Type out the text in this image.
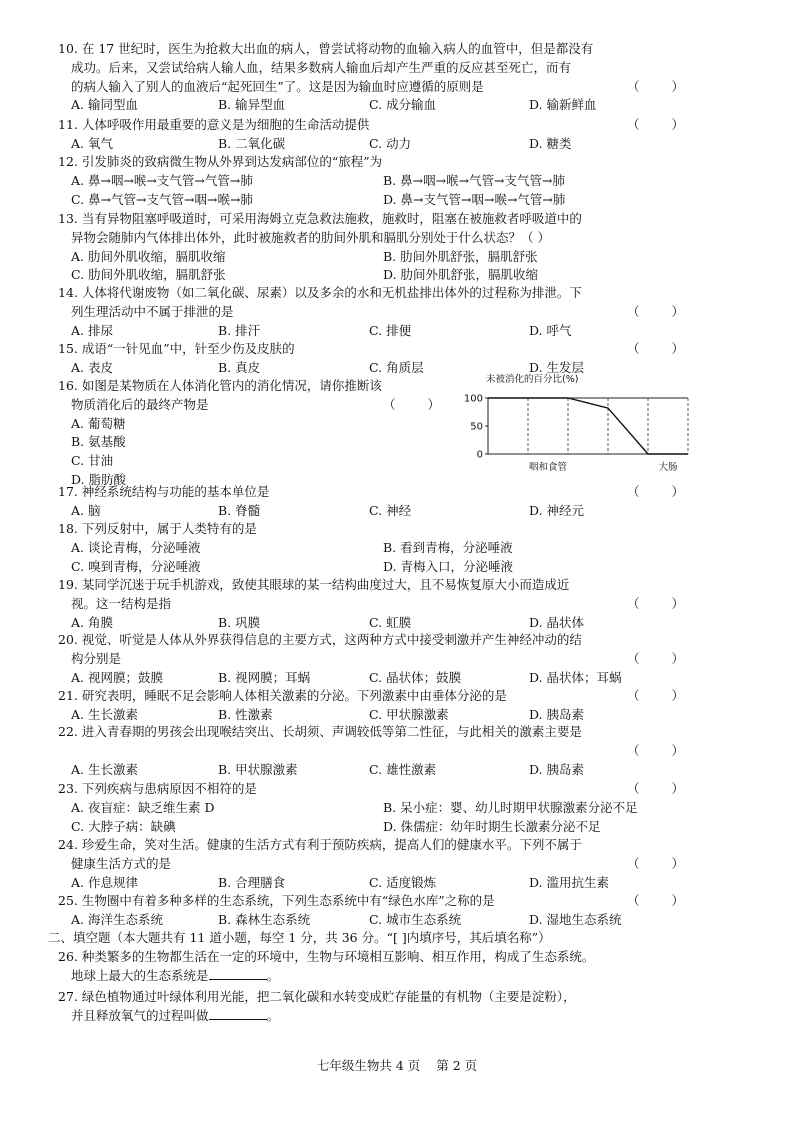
10. 在 17 世纪时，医生为抢救大出血的病人，曾尝试将动物的血输入病人的血管中，但是都没有
成功。后来，又尝试给病人输人血，结果多数病人输血后却产生严重的反应甚至死亡，而有
的病人输入了别人的血液后“起死回生”了。这是因为输血时应遵循的原则是	（ ）
A. 输同型血	B. 输异型血	C. 成分输血	D. 输新鲜血
11. 人体呼吸作用最重要的意义是为细胞的生命活动提供	（ ）
A. 氧气	B. 二氧化碳	C. 动力	D. 糖类
12. 引发肺炎的致病微生物从外界到达发病部位的“旅程”为
A. 鼻→咽→喉→支气管→气管→肺	B. 鼻→咽→喉→气管→支气管→肺
C. 鼻→气管→支气管→咽→喉→肺	D. 鼻→支气管→咽→喉→气管→肺
13. 当有异物阻塞呼吸道时，可采用海姆立克急救法施救，施救时，阻塞在被施救者呼吸道中的
异物会随肺内气体排出体外，此时被施救者的肋间外肌和膈肌分别处于什么状态？（ ）
A. 肋间外肌收缩，膈肌收缩	B. 肋间外肌舒张，膈肌舒张
C. 肋间外肌收缩，膈肌舒张	D. 肋间外肌舒张，膈肌收缩
14. 人体将代谢废物（如二氧化碳、尿素）以及多余的水和无机盐排出体外的过程称为排泄。下
列生理活动中不属于排泄的是	（ ）
A. 排尿	B. 排汗	C. 排便	D. 呼气
15. 成语“一针见血”中，针至少伤及皮肤的	（ ）
A. 表皮	B. 真皮	C. 角质层	D. 生发层
16. 如图是某物质在人体消化管内的消化情况，请你推断该
物质消化后的最终产物是	（ ）
A. 葡萄糖
B. 氨基酸
C. 甘油
D. 脂肪酸
未被消化的百分比(%)
0
50
100
咽和食管	大肠
17. 神经系统结构与功能的基本单位是	（ ）
A. 脑	B. 脊髓	C. 神经	D. 神经元
18. 下列反射中，属于人类特有的是
A. 谈论青梅，分泌唾液	B. 看到青梅，分泌唾液
C. 嗅到青梅，分泌唾液	D. 青梅入口，分泌唾液
19. 某同学沉迷于玩手机游戏，致使其眼球的某一结构曲度过大，且不易恢复原大小而造成近
视。这一结构是指	（ ）
A. 角膜	B. 巩膜	C. 虹膜	D. 晶状体
20. 视觉、听觉是人体从外界获得信息的主要方式，这两种方式中接受刺激并产生神经冲动的结
构分别是	（ ）
A. 视网膜；鼓膜	B. 视网膜；耳蜗	C. 晶状体；鼓膜	D. 晶状体；耳蜗
21. 研究表明，睡眠不足会影响人体相关激素的分泌。下列激素中由垂体分泌的是	（ ）
A. 生长激素	B. 性激素	C. 甲状腺激素	D. 胰岛素
22. 进入青春期的男孩会出现喉结突出、长胡须、声调较低等第二性征，与此相关的激素主要是
（ ）
A. 生长激素	B. 甲状腺激素	C. 雄性激素	D. 胰岛素
23. 下列疾病与患病原因不相符的是	（ ）
A. 夜盲症：缺乏维生素 D	B. 呆小症：婴、幼儿时期甲状腺激素分泌不足
C. 大脖子病：缺碘	D. 侏儒症：幼年时期生长激素分泌不足
24. 珍爱生命，笑对生活。健康的生活方式有利于预防疾病，提高人们的健康水平。下列不属于
健康生活方式的是	（ ）
A. 作息规律	B. 合理膳食	C. 适度锻炼	D. 滥用抗生素
25. 生物圈中有着多种多样的生态系统，下列生态系统中有“绿色水库”之称的是	（ ）
A. 海洋生态系统	B. 森林生态系统	C. 城市生态系统	D. 湿地生态系统
二、填空题（本大题共有 11 道小题，每空 1 分，共 36 分。“[ ]内填序号，其后填名称”）
26. 种类繁多的生物都生活在一定的环境中，生物与环境相互影响、相互作用，构成了生态系统。
地球上最大的生态系统是	。
27. 绿色植物通过叶绿体利用光能，把二氧化碳和水转变成贮存能量的有机物（主要是淀粉），
并且释放氧气的过程叫做	。
七年级生物共 4 页 第 2 页
